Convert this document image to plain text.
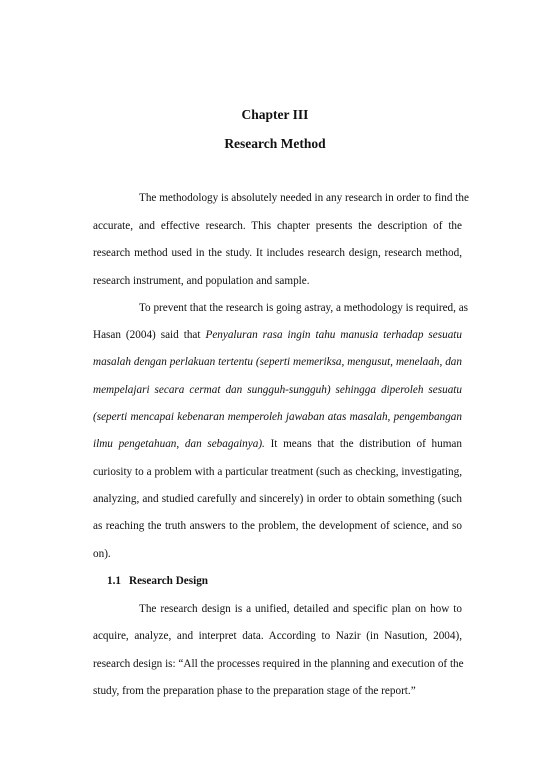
Chapter III
Research Method
The methodology is absolutely needed in any research in order to find the
accurate, and effective research. This chapter presents the description of the
research method used in the study. It includes research design, research method,
research instrument, and population and sample.
To prevent that the research is going astray, a methodology is required, as
Hasan (2004) said that Penyaluran rasa ingin tahu manusia terhadap sesuatu
masalah dengan perlakuan tertentu (seperti memeriksa, mengusut, menelaah, dan
mempelajari secara cermat dan sungguh-sungguh) sehingga diperoleh sesuatu
(seperti mencapai kebenaran memperoleh jawaban atas masalah, pengembangan
ilmu pengetahuan, dan sebagainya). It means that the distribution of human
curiosity to a problem with a particular treatment (such as checking, investigating,
analyzing, and studied carefully and sincerely) in order to obtain something (such
as reaching the truth answers to the problem, the development of science, and so
on).
1.1 Research Design
The research design is a unified, detailed and specific plan on how to
acquire, analyze, and interpret data. According to Nazir (in Nasution, 2004),
research design is: “All the processes required in the planning and execution of the
study, from the preparation phase to the preparation stage of the report.”
